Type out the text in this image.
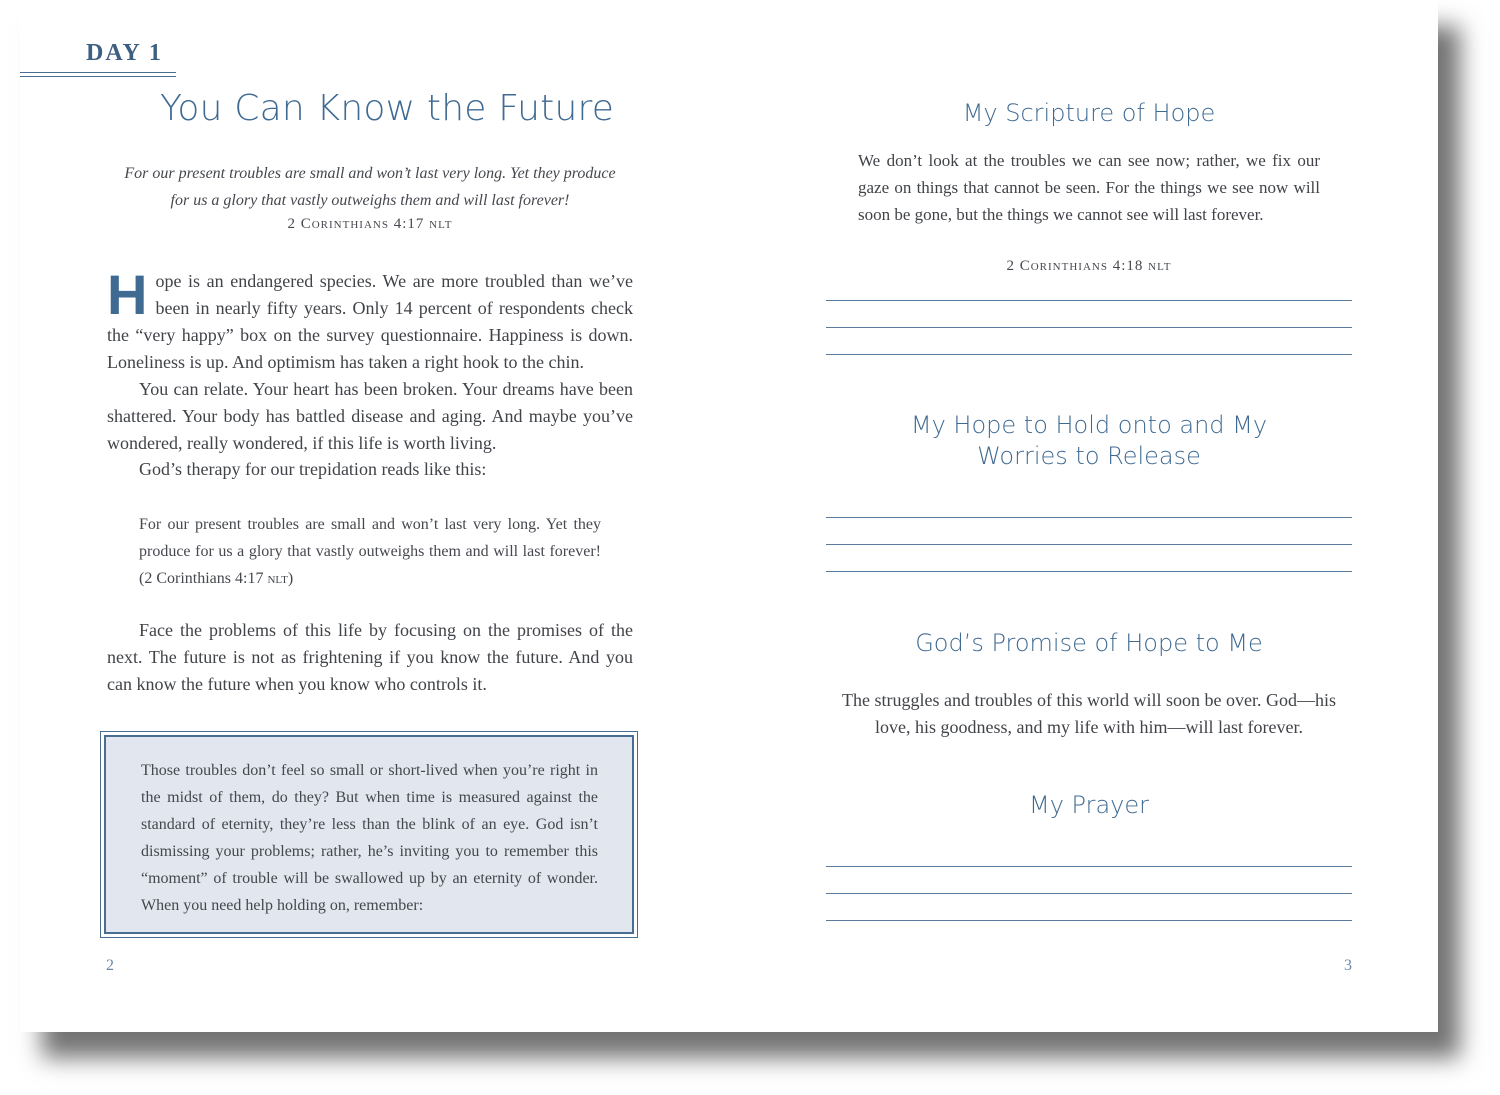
DAY 1
You Can Know the Future
For our present troubles are small and won’t last very long. Yet they produce for us a glory that vastly outweighs them and will last forever!
2 Corinthians 4:17 nlt
Hope is an endangered species. We are more troubled than we’ve been in nearly fifty years. Only 14 percent of respondents check the “very happy” box on the survey questionnaire. Happiness is down. Loneliness is up. And optimism has taken a right hook to the chin.
You can relate. Your heart has been broken. Your dreams have been shattered. Your body has battled disease and aging. And maybe you’ve wondered, really wondered, if this life is worth living.
God’s therapy for our trepidation reads like this:
For our present troubles are small and won’t last very long. Yet they produce for us a glory that vastly outweighs them and will last forever! (2 Corinthians 4:17 nlt)
Face the problems of this life by focusing on the promises of the next. The future is not as frightening if you know the future. And you can know the future when you know who controls it.
Those troubles don’t feel so small or short-lived when you’re right in the midst of them, do they? But when time is measured against the standard of eternity, they’re less than the blink of an eye. God isn’t dismissing your problems; rather, he’s inviting you to remember this “moment” of trouble will be swallowed up by an eternity of wonder. When you need help holding on, remember:
2
My Scripture of Hope
We don’t look at the troubles we can see now; rather, we fix our gaze on things that cannot be seen. For the things we see now will soon be gone, but the things we cannot see will last forever.
2 Corinthians 4:18 nlt
My Hope to Hold onto and My
Worries to Release
God’s Promise of Hope to Me
The struggles and troubles of this world will soon be over. God—his love, his goodness, and my life with him—will last forever.
My Prayer
3
